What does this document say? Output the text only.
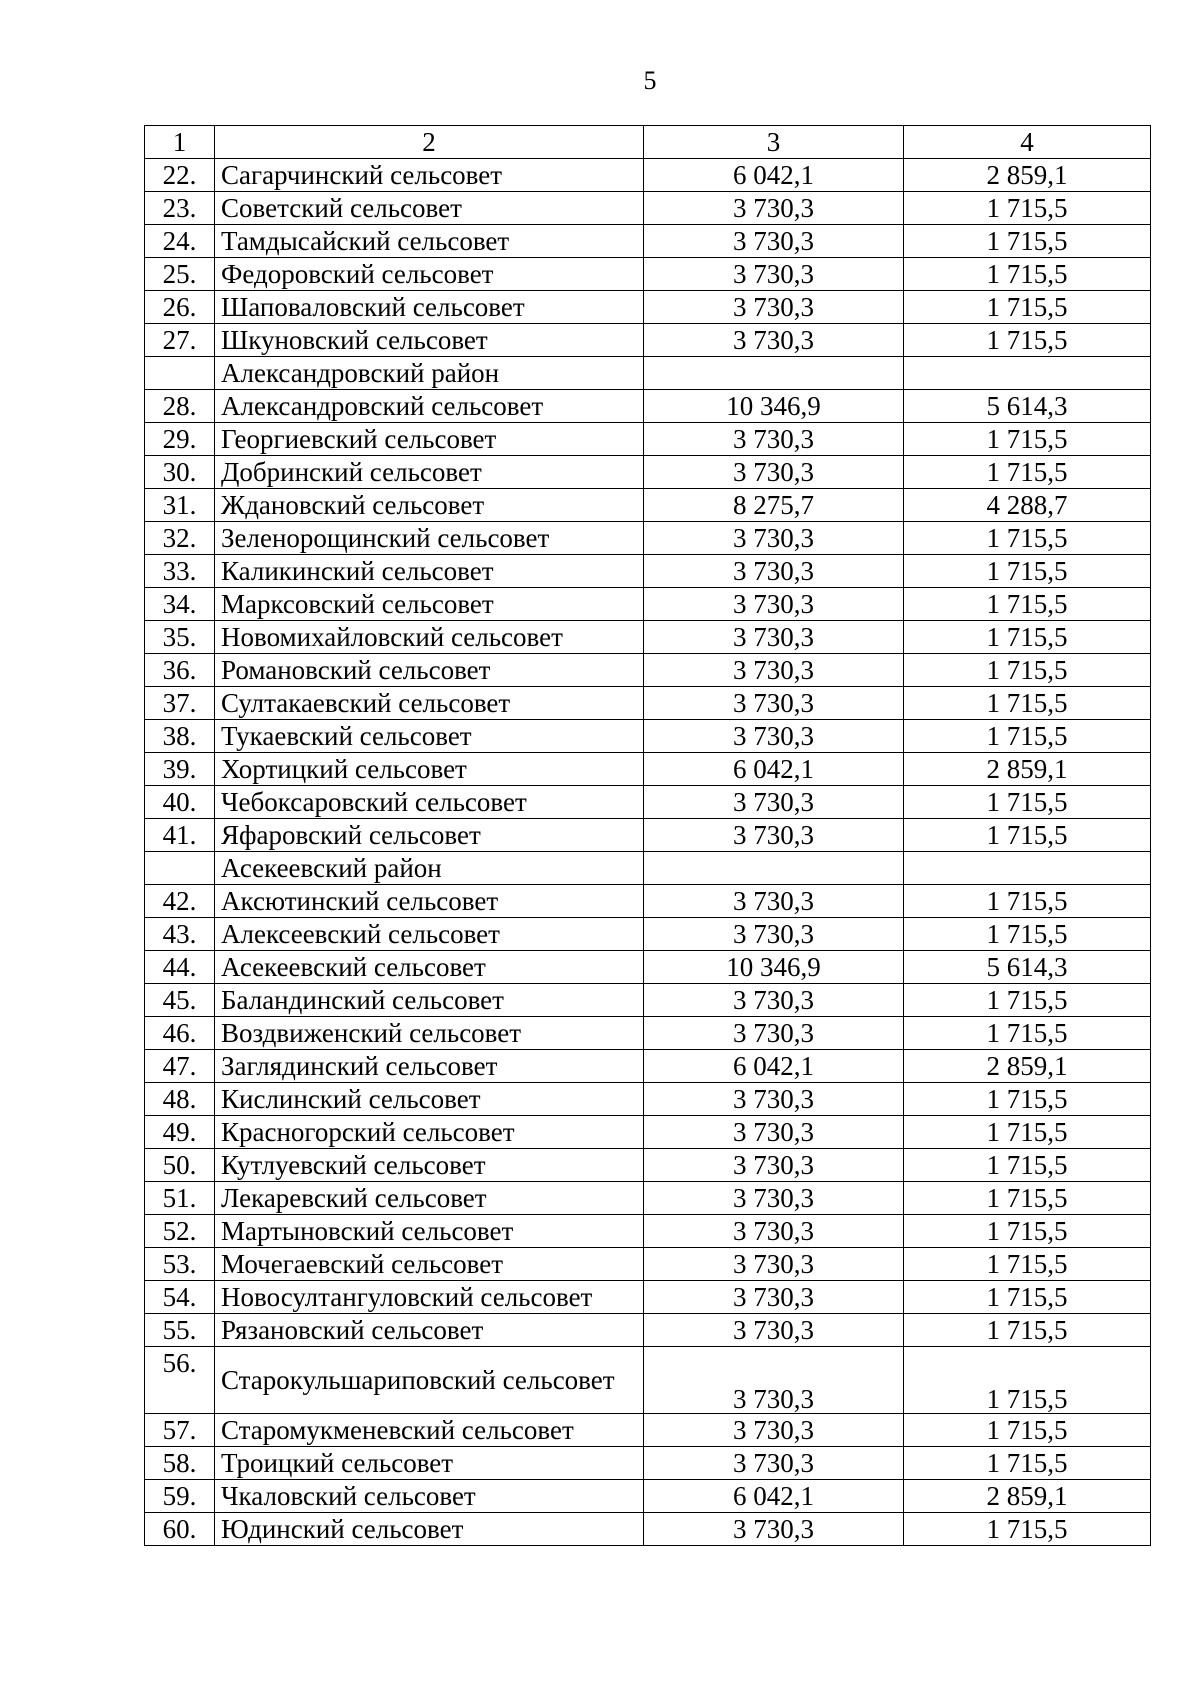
5
1	2	3	4
22.	Сагарчинский сельсовет	6 042,1	2 859,1
23.	Советский сельсовет	3 730,3	1 715,5
24.	Тамдысайский сельсовет	3 730,3	1 715,5
25.	Федоровский сельсовет	3 730,3	1 715,5
26.	Шаповаловский сельсовет	3 730,3	1 715,5
27.	Шкуновский сельсовет	3 730,3	1 715,5
	Александровский район		
28.	Александровский сельсовет	10 346,9	5 614,3
29.	Георгиевский сельсовет	3 730,3	1 715,5
30.	Добринский сельсовет	3 730,3	1 715,5
31.	Ждановский сельсовет	8 275,7	4 288,7
32.	Зеленорощинский сельсовет	3 730,3	1 715,5
33.	Каликинский сельсовет	3 730,3	1 715,5
34.	Марксовский сельсовет	3 730,3	1 715,5
35.	Новомихайловский сельсовет	3 730,3	1 715,5
36.	Романовский сельсовет	3 730,3	1 715,5
37.	Султакаевский сельсовет	3 730,3	1 715,5
38.	Тукаевский сельсовет	3 730,3	1 715,5
39.	Хортицкий сельсовет	6 042,1	2 859,1
40.	Чебоксаровский сельсовет	3 730,3	1 715,5
41.	Яфаровский сельсовет	3 730,3	1 715,5
	Асекеевский район		
42.	Аксютинский сельсовет	3 730,3	1 715,5
43.	Алексеевский сельсовет	3 730,3	1 715,5
44.	Асекеевский сельсовет	10 346,9	5 614,3
45.	Баландинский сельсовет	3 730,3	1 715,5
46.	Воздвиженский сельсовет	3 730,3	1 715,5
47.	Заглядинский сельсовет	6 042,1	2 859,1
48.	Кислинский сельсовет	3 730,3	1 715,5
49.	Красногорский сельсовет	3 730,3	1 715,5
50.	Кутлуевский сельсовет	3 730,3	1 715,5
51.	Лекаревский сельсовет	3 730,3	1 715,5
52.	Мартыновский сельсовет	3 730,3	1 715,5
53.	Мочегаевский сельсовет	3 730,3	1 715,5
54.	Новосултангуловский сельсовет	3 730,3	1 715,5
55.	Рязановский сельсовет	3 730,3	1 715,5
56.	Старокульшариповский сельсовет	3 730,3	1 715,5
57.	Старомукменевский сельсовет	3 730,3	1 715,5
58.	Троицкий сельсовет	3 730,3	1 715,5
59.	Чкаловский сельсовет	6 042,1	2 859,1
60.	Юдинский сельсовет	3 730,3	1 715,5
